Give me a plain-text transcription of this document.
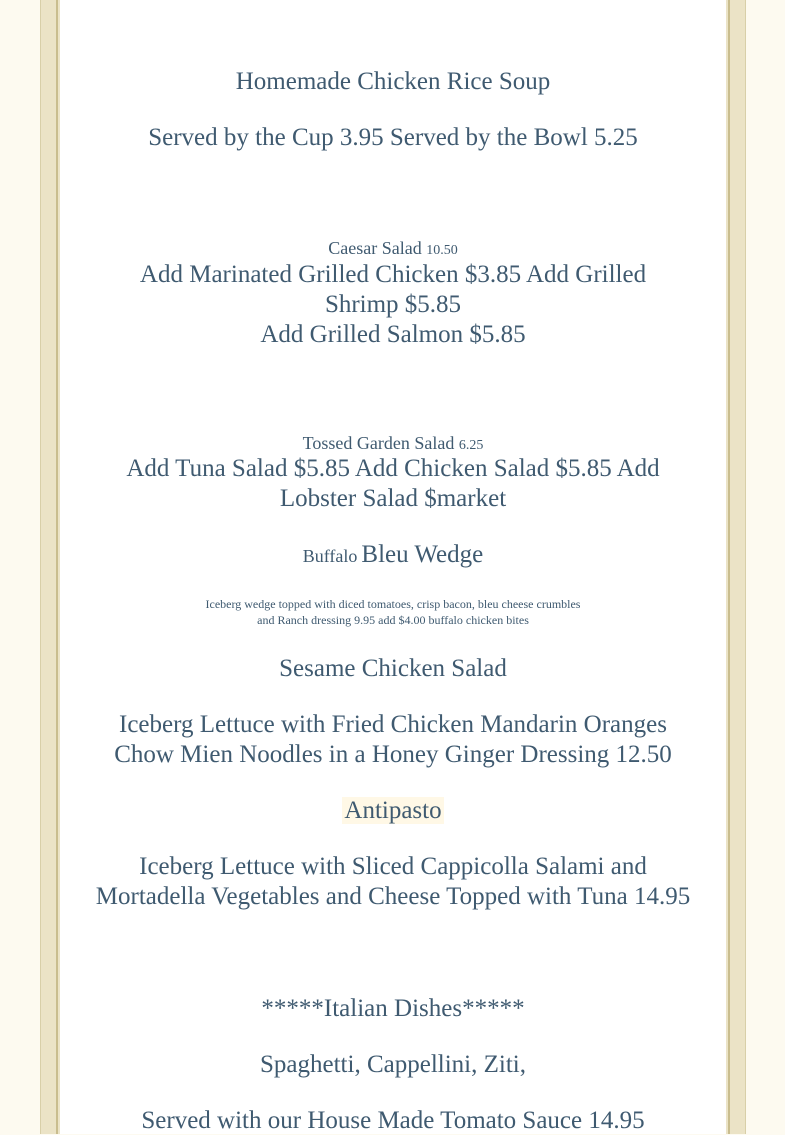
Homemade Chicken Rice Soup

Served by the Cup 3.95 Served by the Bowl 5.25

Caesar Salad 10.50

Add Marinated Grilled Chicken $3.85 Add Grilled

Shrimp $5.85

Add Grilled Salmon $5.85

Tossed Garden Salad 6.25

Add Tuna Salad $5.85 Add Chicken Salad $5.85 Add

Lobster Salad $market

Buffalo Bleu Wedge

Iceberg wedge topped with diced tomatoes, crisp bacon, bleu cheese crumbles

and Ranch dressing 9.95 add $4.00 buffalo chicken bites

Sesame Chicken Salad

Iceberg Lettuce with Fried Chicken Mandarin Oranges

Chow Mien Noodles in a Honey Ginger Dressing 12.50

Antipasto

Iceberg Lettuce with Sliced Cappicolla Salami and

Mortadella Vegetables and Cheese Topped with Tuna 14.95

*****Italian Dishes*****

Spaghetti, Cappellini, Ziti,

Served with our House Made Tomato Sauce 14.95
